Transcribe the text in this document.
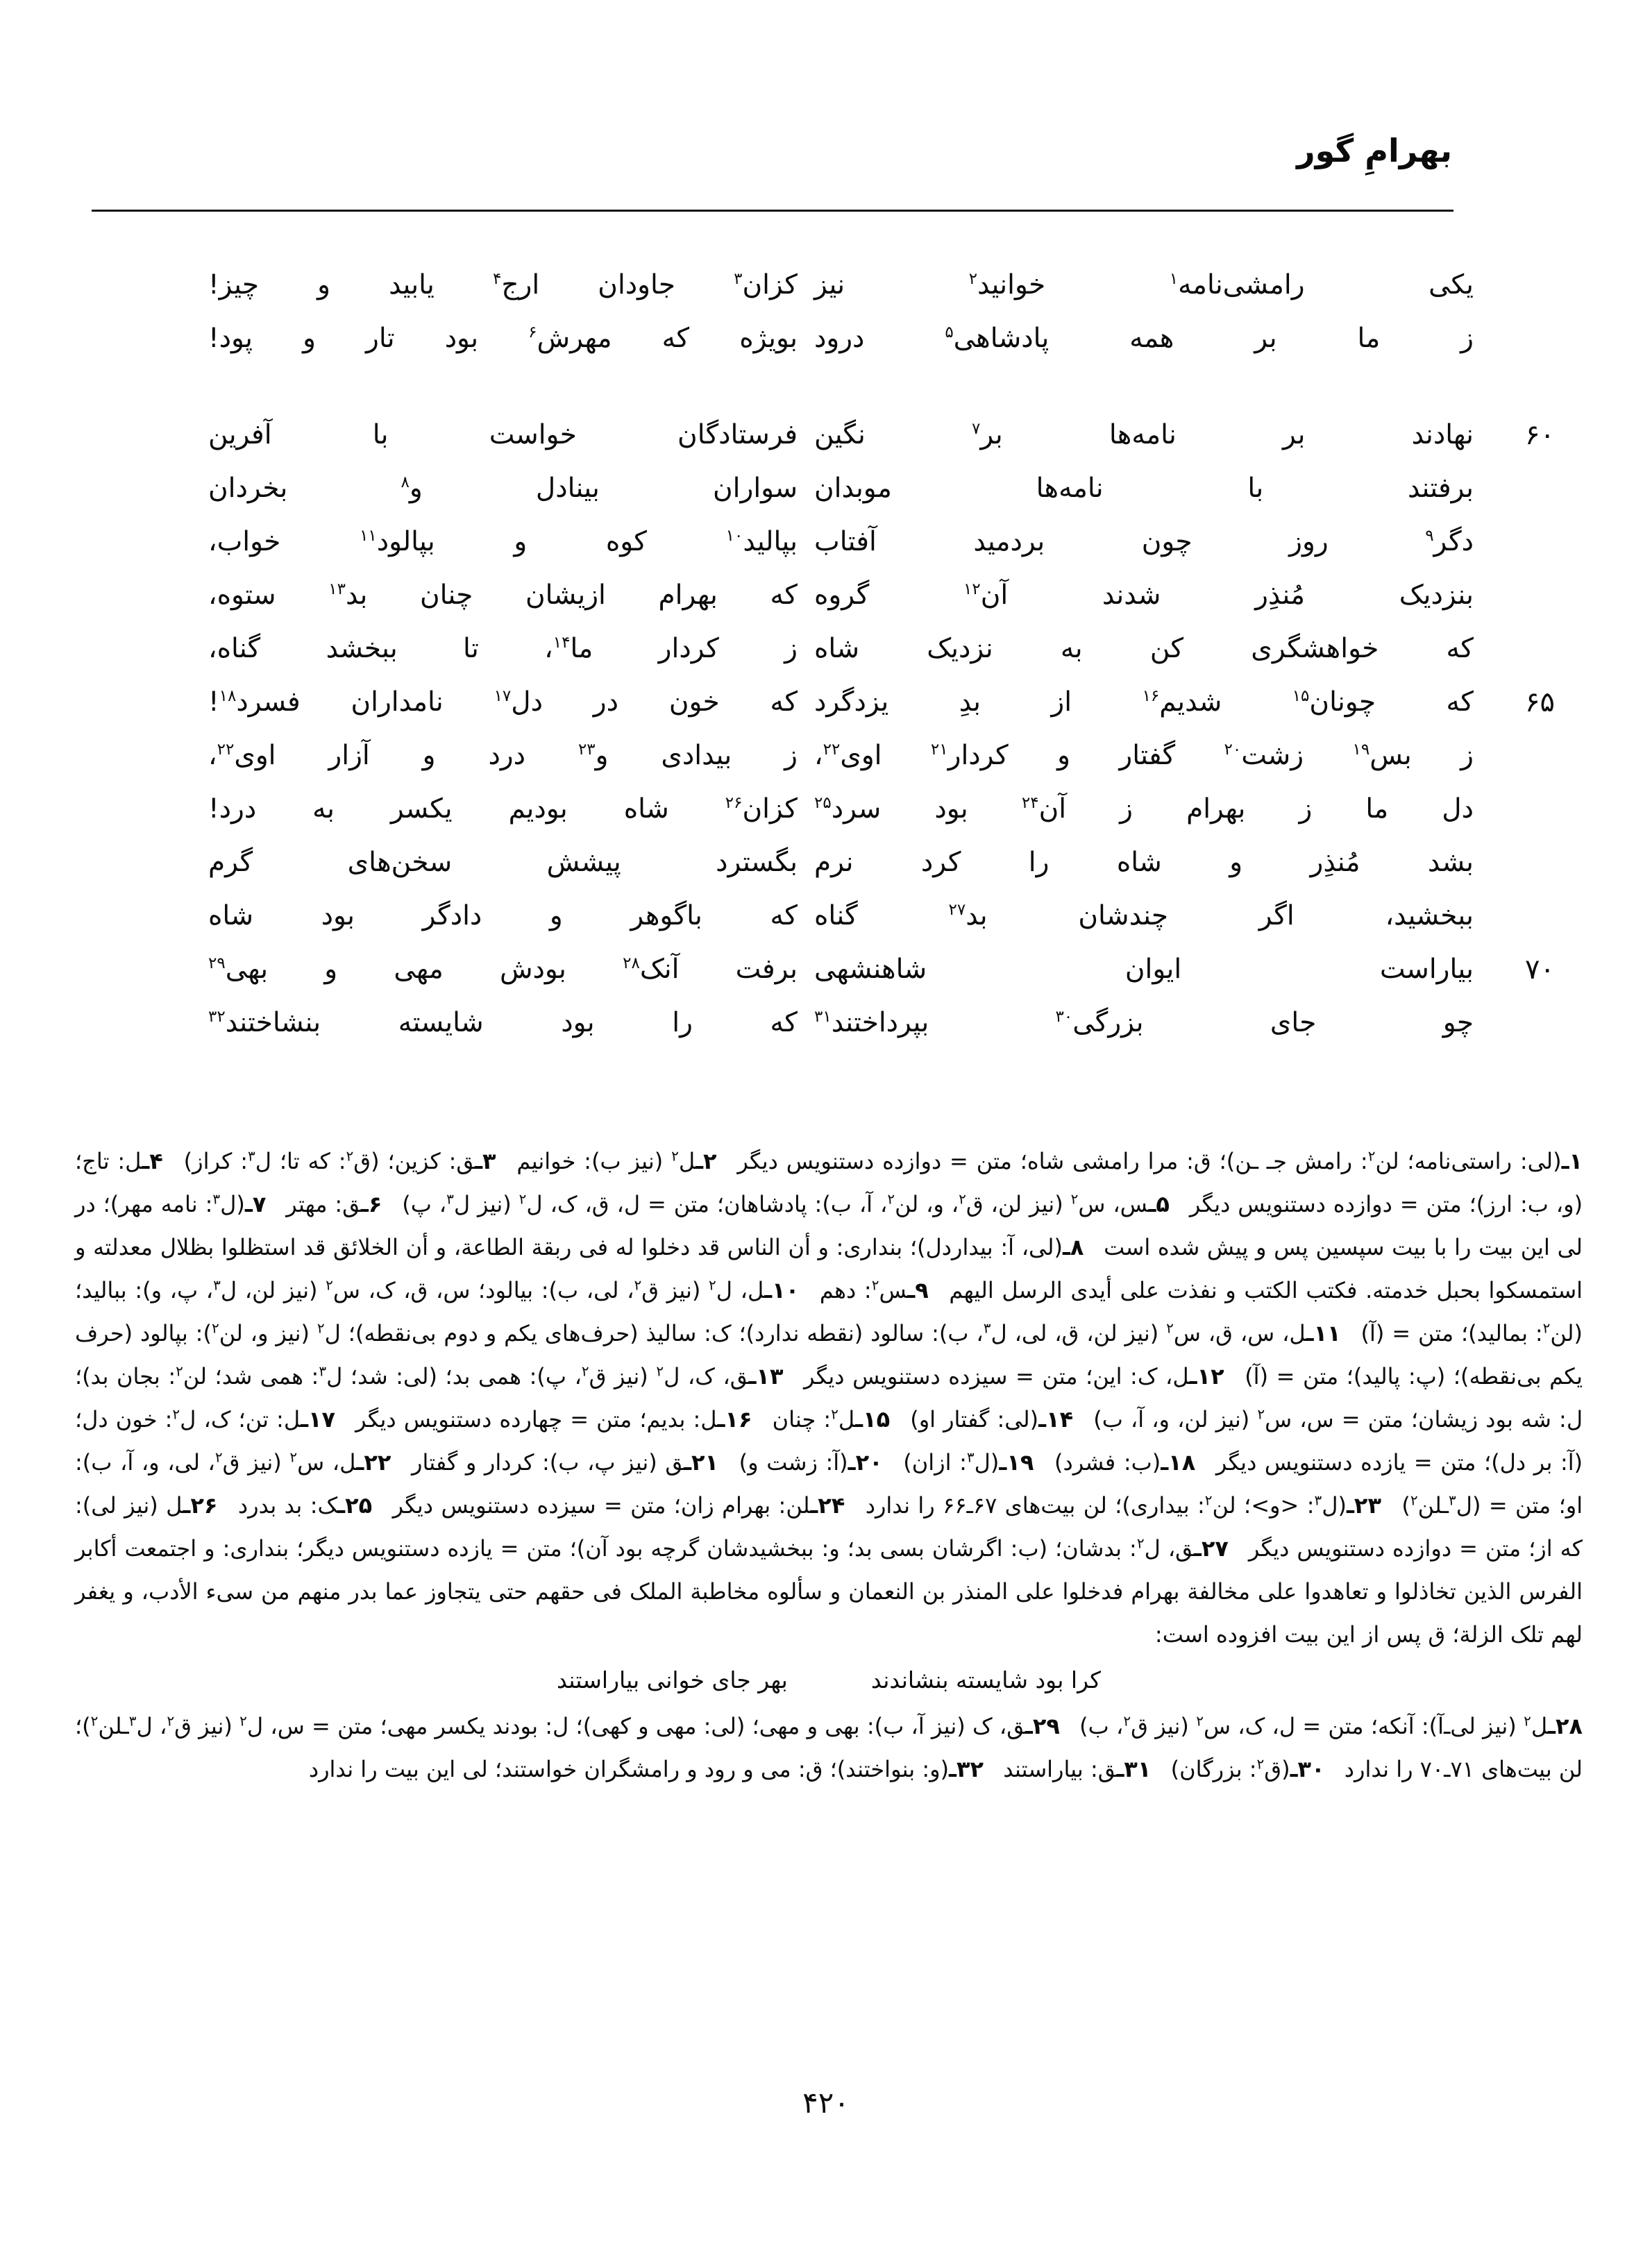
بهرامِ گور
یکی رامشی‌نامه$^۱$ خوانید$^۲$ نیز
کزان$^۳$ جاودان ارج$^۴$ یابید و چیز!
ز ما بر همه پادشاهی$^۵$ درود
بویژه که مهرش$^۶$ بود تار و پود!
۶۰
نهادند بر نامه‌ها بر$^۷$ نگین
فرستادگان خواست با آفرین
برفتند با نامه‌ها موبدان
سواران بینادل و$^۸$ بخردان
دگر$^۹$ روز چون بردمید آفتاب
بپالید$^{۱۰}$ کوه و بپالود$^{۱۱}$ خواب،
بنزدیک مُنذِر شدند آن$^{۱۲}$ گروه
که بهرام ازیشان چنان بد$^{۱۳}$ ستوه،
که خواهشگری کن به نزدیک شاه
ز کردار ما$^{۱۴}$، تا ببخشد گناه،
۶۵
که چونان$^{۱۵}$ شدیم$^{۱۶}$ از بدِ یزدگرد
که خون در دل$^{۱۷}$ نامداران فسرد$^{۱۸}$!
ز بس$^{۱۹}$ زشت$^{۲۰}$ گفتار و کردار$^{۲۱}$ اوی$^{۲۲}$،
ز بیدادی و$^{۲۳}$ درد و آزار اوی$^{۲۲}$،
دل ما ز بهرام ز آن$^{۲۴}$ بود سرد$^{۲۵}$
کزان$^{۲۶}$ شاه بودیم یکسر به درد!
بشد مُنذِر و شاه را کرد نرم
بگسترد پیشش سخن‌های گرم
ببخشید، اگر چندشان بد$^{۲۷}$ گناه
که باگوهر و دادگر بود شاه
۷۰
بیاراست ایوان شاهنشهی
برفت آنک$^{۲۸}$ بودش مهی و بهی$^{۲۹}$
چو جای بزرگی$^{۳۰}$ بپرداختند$^{۳۱}$
که را بود شایسته بنشاختند$^{۳۲}$

۱ـ(لی: راستی‌نامه؛ لن$^۲$: رامش جـ ـن)؛ ق: مرا رامشی شاه؛ متن = دوازده دستنویس دیگر ۲ـل$^۲$ (نیز ب): خوانیم ۳ـق: کزین؛ (ق$^۲$: که تا؛ ل$^۳$: کراز) ۴ـل: تاج؛ (و، ب: ارز)؛ متن = دوازده دستنویس دیگر ۵ـس، س$^۲$ (نیز لن، ق$^۲$، و، لن$^۲$، آ، ب): پادشاهان؛ متن = ل، ق، ک، ل$^۲$ (نیز ل$^۳$، پ) ۶ـق: مهتر ۷ـ(ل$^۳$: نامه مهر)؛ در لی این بیت را با بیت سپسین پس و پیش شده است ۸ـ(لی، آ: بیداردل)؛ بنداری: و أن الناس قد دخلوا له فی ربقة الطاعة، و أن الخلائق قد استظلوا بظلال معدلته و استمسکوا بحبل خدمته. فکتب الکتب و نفذت علی أیدی الرسل الیهم ۹ـس$^۲$: دهم ۱۰ـل، ل$^۲$ (نیز ق$^۲$، لی، ب): بیالود؛ س، ق، ک، س$^۲$ (نیز لن، ل$^۳$، پ، و): ببالید؛ (لن$^۲$: بمالید)؛ متن = (آ) ۱۱ـل، س، ق، س$^۲$ (نیز لن، ق، لی، ل$^۳$، ب): سالود (نقطه ندارد)؛ ک: سالیذ (حرف‌های یکم و دوم بی‌نقطه)؛ ل$^۲$ (نیز و، لن$^۲$): بپالود (حرف یکم بی‌نقطه)؛ (پ: پالید)؛ متن = (آ) ۱۲ـل، ک: این؛ متن = سیزده دستنویس دیگر ۱۳ـق، ک، ل$^۲$ (نیز ق$^۲$، پ): همی بد؛ (لی: شد؛ ل$^۳$: همی شد؛ لن$^۲$: بجان بد)؛ ل: شه بود زیشان؛ متن = س، س$^۲$ (نیز لن، و، آ، ب) ۱۴ـ(لی: گفتار او) ۱۵ـل$^۲$: چنان ۱۶ـل: بدیم؛ متن = چهارده دستنویس دیگر ۱۷ـل: تن؛ ک، ل$^۲$: خون دل؛ (آ: بر دل)؛ متن = یازده دستنویس دیگر ۱۸ـ(ب: فشرد) ۱۹ـ(ل$^۳$: ازان) ۲۰ـ(آ: زشت و) ۲۱ـق (نیز پ، ب): کردار و گفتار ۲۲ـل، س$^۲$ (نیز ق$^۲$، لی، و، آ، ب): او؛ متن = (ل$^۳$ـلن$^۲$) ۲۳ـ(ل$^۳$: <و>؛ لن$^۲$: بیداری)؛ لن بیت‌های ۶۷ـ۶۶ را ندارد ۲۴ـلن: بهرام زان؛ متن = سیزده دستنویس دیگر ۲۵ـک: بد بدرد ۲۶ـل (نیز لی): که از؛ متن = دوازده دستنویس دیگر ۲۷ـق، ل$^۲$: بدشان؛ (ب: اگرشان بسی بد؛ و: ببخشیدشان گرچه بود آن)؛ متن = یازده دستنویس دیگر؛ بنداری: و اجتمعت أکابر الفرس الذین تخاذلوا و تعاهدوا علی مخالفة بهرام فدخلوا علی المنذر بن النعمان و سألوه مخاطبة الملک فی حقهم حتی یتجاوز عما بدر منهم من سیء الأدب، و یغفر لهم تلک الزلة؛ ق پس از این بیت افزوده است:

کرا بود شایسته بنشاندند
بهر جای خوانی بیاراستند

۲۸ـل$^۲$ (نیز لی‌ـ‌آ): آنکه؛ متن = ل، ک، س$^۲$ (نیز ق$^۲$، ب) ۲۹ـق، ک (نیز آ، ب): بهی و مهی؛ (لی: مهی و کهی)؛ ل: بودند یکسر مهی؛ متن = س، ل$^۲$ (نیز ق$^۲$، ل$^۳$ـلن$^۲$)؛ لن بیت‌های ۷۱ـ۷۰ را ندارد ۳۰ـ(ق$^۲$: بزرگان) ۳۱ـق: بیاراستند ۳۲ـ(و: بنواختند)؛ ق: می و رود و رامشگران خواستند؛ لی این بیت را ندارد

۴۲۰
